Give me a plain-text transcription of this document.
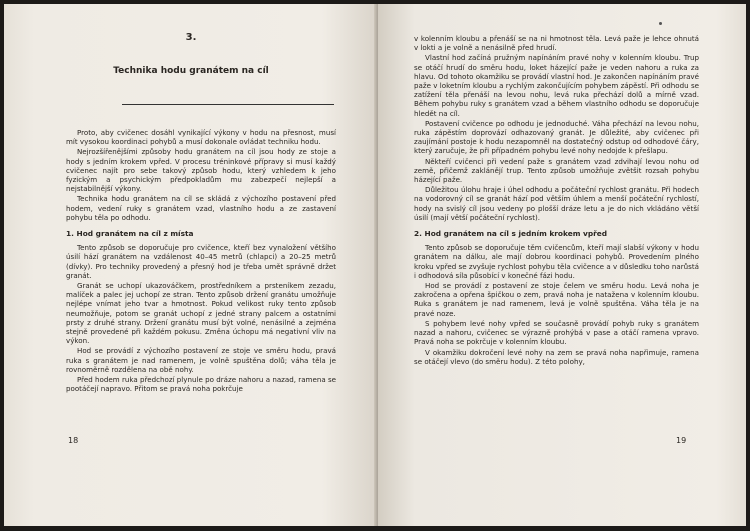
3.
Technika hodu granátem na cíl

Proto, aby cvičenec dosáhl vynikající výkony v hodu na přesnost, musí mít vysokou koordinaci pohybů a musí dokonale ovládat techniku hodu.

Nejrozšířenějšími způsoby hodu granátem na cíl jsou hody ze stoje a hody s jedním krokem vpřed. V procesu tréninkové přípravy si musí každý cvičenec najít pro sebe takový způsob hodu, který vzhledem k jeho fyzickým a psychickým předpokladům mu zabezpečí nejlepší a nejstabilnější výkony.

Technika hodu granátem na cíl se skládá z výchozího postavení před hodem, vedení ruky s granátem vzad, vlastního hodu a ze zastavení pohybu těla po odhodu.

1. Hod granátem na cíl z místa

Tento způsob se doporučuje pro cvičence, kteří bez vynaložení většího úsilí hází granátem na vzdálenost 40–45 metrů (chlapci) a 20–25 metrů (dívky). Pro techniky provedený a přesný hod je třeba umět správně držet granát.

Granát se uchopí ukazováčkem, prostředníkem a prsteníkem zezadu, malíček a palec jej uchopí ze stran. Tento způsob držení granátu umožňuje nejlépe vnímat jeho tvar a hmotnost. Pokud velikost ruky tento způsob neumožňuje, potom se granát uchopí z jedné strany palcem a ostatními prsty z druhé strany. Držení granátu musí být volné, nenásilné a zejména stejně provedené při každém pokusu. Změna úchopu má negativní vliv na výkon.

Hod se provádí z výchozího postavení ze stoje ve směru hodu, pravá ruka s granátem je nad ramenem, je volně spuštěna dolů; váha těla je rovnoměrně rozdělena na obě nohy.

Před hodem ruka předchozí plynule po dráze nahoru a nazad, ramena se pootáčejí napravo. Přitom se pravá noha pokrčuje

18

v kolenním kloubu a přenáší se na ni hmotnost těla. Levá paže je lehce ohnutá v lokti a je volně a nenásilně před hrudí.

Vlastní hod začíná pružným napínáním pravé nohy v kolenním kloubu. Trup se otáčí hrudí do směru hodu, loket házející paže je veden nahoru a ruka za hlavu. Od tohoto okamžiku se provádí vlastní hod. Je zakončen napínáním pravé paže v loketním kloubu a rychlým zakončujícím pohybem zápěstí. Při odhodu se zatížení těla přenáší na levou nohu, levá ruka přechází dolů a mírně vzad. Během pohybu ruky s granátem vzad a během vlastního odhodu se doporučuje hledět na cíl.

Postavení cvičence po odhodu je jednoduché. Váha přechází na levou nohu, ruka zápěstím doprovází odhazovaný granát. Je důležité, aby cvičenec při zaujímání postoje k hodu nezapomněl na dostatečný odstup od odhodové čáry, který zaručuje, že při případném pohybu levé nohy nedojde k přešlapu.

Někteří cvičenci při vedení paže s granátem vzad zdvihají levou nohu od země, přičemž zaklánějí trup. Tento způsob umožňuje zvětšit rozsah pohybu házející paže.

Důležitou úlohu hraje i úhel odhodu a počáteční rychlost granátu. Při hodech na vodorovný cíl se granát hází pod větším úhlem a menší počáteční rychlostí, hody na svislý cíl jsou vedeny po plošší dráze letu a je do nich vkládáno větší úsilí (mají větší počáteční rychlost).

2. Hod granátem na cíl s jedním krokem vpřed

Tento způsob se doporučuje těm cvičencům, kteří mají slabší výkony v hodu granátem na dálku, ale mají dobrou koordinaci pohybů. Provedením plného kroku vpřed se zvyšuje rychlost pohybu těla cvičence a v důsledku toho narůstá i odhodová síla působící v konečné fázi hodu.

Hod se provádí z postavení ze stoje čelem ve směru hodu. Levá noha je zakročena a opřena špičkou o zem, pravá noha je natažena v kolenním kloubu. Ruka s granátem je nad ramenem, levá je volně spuštěna. Váha těla je na pravé noze.

S pohybem levé nohy vpřed se současně provádí pohyb ruky s granátem nazad a nahoru, cvičenec se výrazně prohýbá v pase a otáčí ramena vpravo. Pravá noha se pokrčuje v kolenním kloubu.

V okamžiku dokročení levé nohy na zem se pravá noha napřimuje, ramena se otáčejí vlevo (do směru hodu). Z této polohy,

19
